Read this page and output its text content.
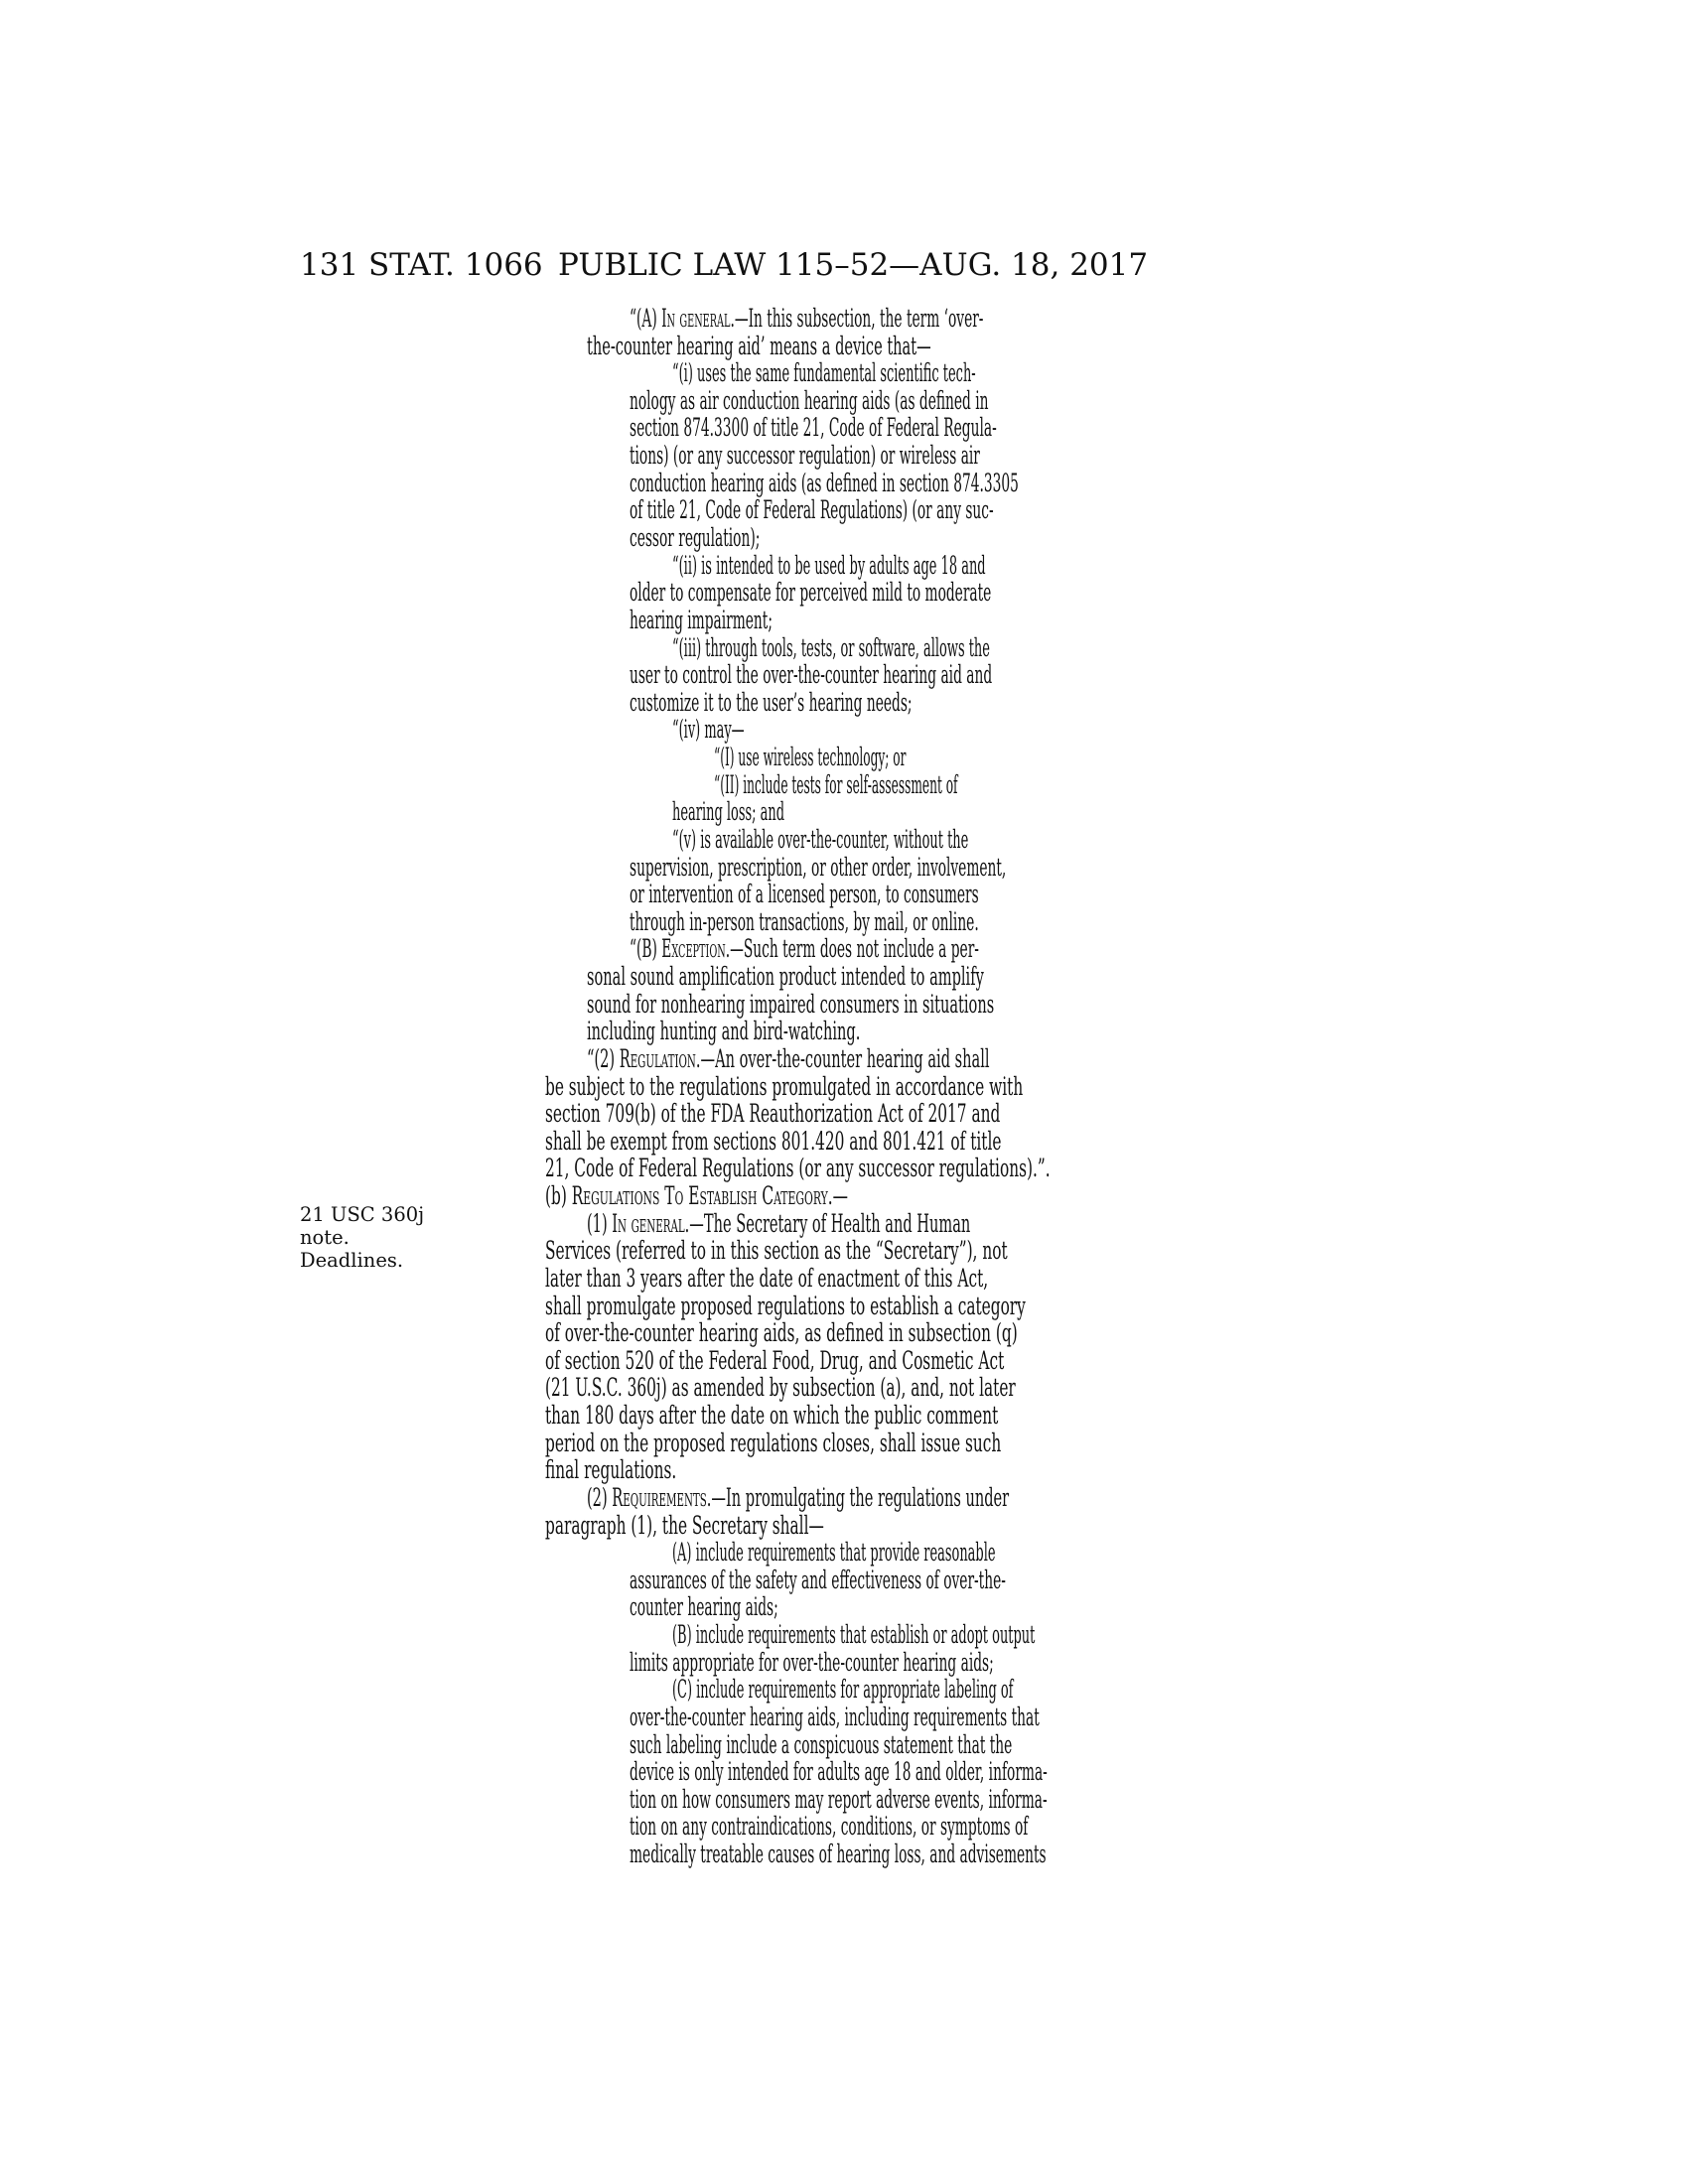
131 STAT. 1066 PUBLIC LAW 115–52—AUG. 18, 2017
21 USC 360j
note.
Deadlines.
“(A) In general.—In this subsection, the term ‘over-
the-counter hearing aid’ means a device that—
“(i) uses the same fundamental scientific tech-
nology as air conduction hearing aids (as defined in
section 874.3300 of title 21, Code of Federal Regula-
tions) (or any successor regulation) or wireless air
conduction hearing aids (as defined in section 874.3305
of title 21, Code of Federal Regulations) (or any suc-
cessor regulation);
“(ii) is intended to be used by adults age 18 and
older to compensate for perceived mild to moderate
hearing impairment;
“(iii) through tools, tests, or software, allows the
user to control the over-the-counter hearing aid and
customize it to the user’s hearing needs;
“(iv) may—
“(I) use wireless technology; or
“(II) include tests for self-assessment of
hearing loss; and
“(v) is available over-the-counter, without the
supervision, prescription, or other order, involvement,
or intervention of a licensed person, to consumers
through in-person transactions, by mail, or online.
“(B) Exception.—Such term does not include a per-
sonal sound amplification product intended to amplify
sound for nonhearing impaired consumers in situations
including hunting and bird-watching.
“(2) Regulation.—An over-the-counter hearing aid shall
be subject to the regulations promulgated in accordance with
section 709(b) of the FDA Reauthorization Act of 2017 and
shall be exempt from sections 801.420 and 801.421 of title
21, Code of Federal Regulations (or any successor regulations).”.
(b) Regulations To Establish Category.—
(1) In general.—The Secretary of Health and Human
Services (referred to in this section as the “Secretary”), not
later than 3 years after the date of enactment of this Act,
shall promulgate proposed regulations to establish a category
of over-the-counter hearing aids, as defined in subsection (q)
of section 520 of the Federal Food, Drug, and Cosmetic Act
(21 U.S.C. 360j) as amended by subsection (a), and, not later
than 180 days after the date on which the public comment
period on the proposed regulations closes, shall issue such
final regulations.
(2) Requirements.—In promulgating the regulations under
paragraph (1), the Secretary shall—
(A) include requirements that provide reasonable
assurances of the safety and effectiveness of over-the-
counter hearing aids;
(B) include requirements that establish or adopt output
limits appropriate for over-the-counter hearing aids;
(C) include requirements for appropriate labeling of
over-the-counter hearing aids, including requirements that
such labeling include a conspicuous statement that the
device is only intended for adults age 18 and older, informa-
tion on how consumers may report adverse events, informa-
tion on any contraindications, conditions, or symptoms of
medically treatable causes of hearing loss, and advisements
